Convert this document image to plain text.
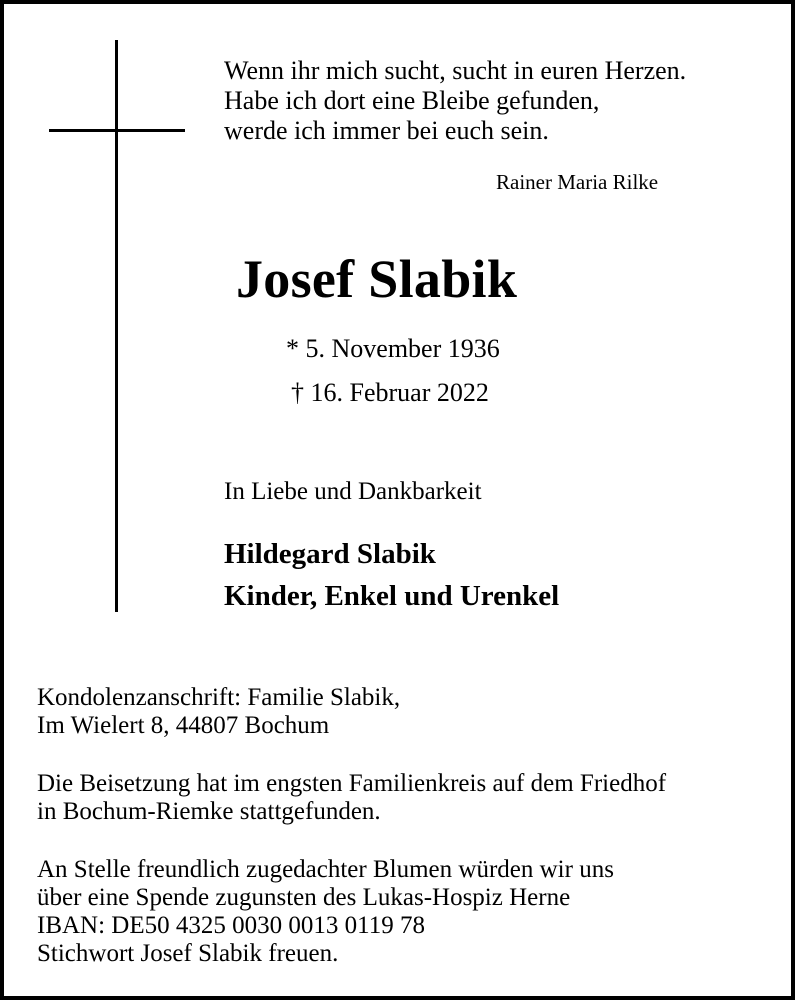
Wenn ihr mich sucht, sucht in euren Herzen.
Habe ich dort eine Bleibe gefunden,
werde ich immer bei euch sein.
Rainer Maria Rilke
Josef Slabik
* 5. November 1936
† 16. Februar 2022
In Liebe und Dankbarkeit
Hildegard Slabik
Kinder, Enkel und Urenkel
Kondolenzanschrift: Familie Slabik,
Im Wielert 8, 44807 Bochum
Die Beisetzung hat im engsten Familienkreis auf dem Friedhof
in Bochum-Riemke stattgefunden.
An Stelle freundlich zugedachter Blumen würden wir uns
über eine Spende zugunsten des Lukas-Hospiz Herne
IBAN: DE50 4325 0030 0013 0119 78
Stichwort Josef Slabik freuen.
